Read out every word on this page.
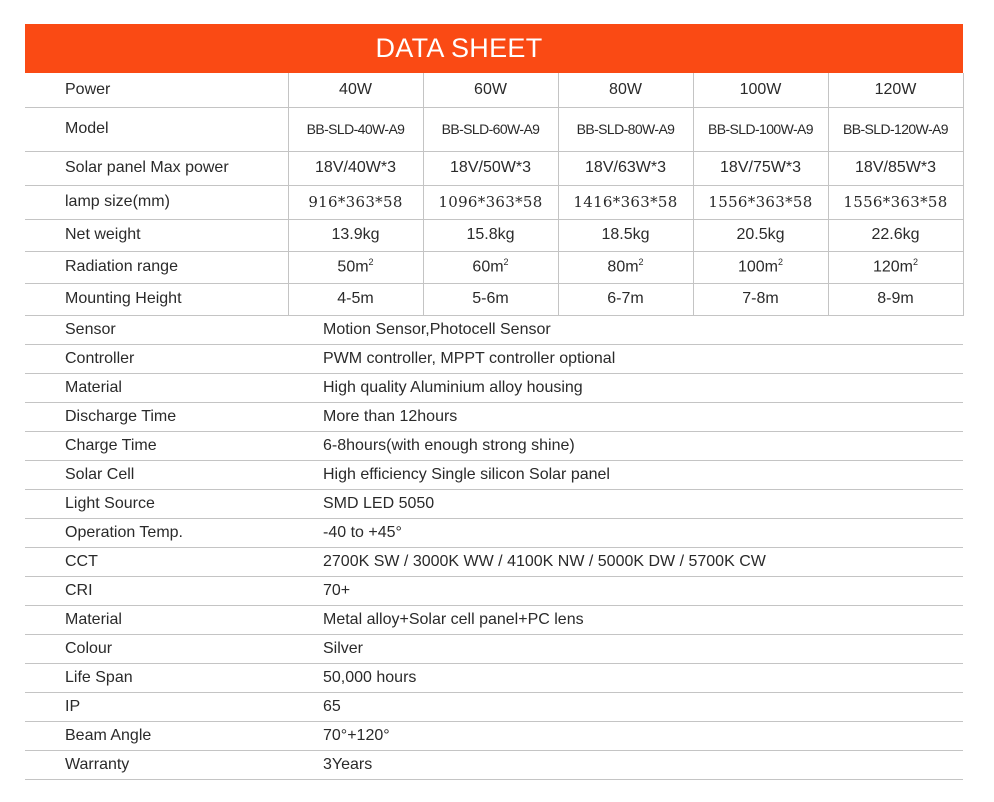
DATA SHEET
Power	40W	60W	80W	100W	120W
Model	BB-SLD-40W-A9	BB-SLD-60W-A9	BB-SLD-80W-A9	BB-SLD-100W-A9	BB-SLD-120W-A9
Solar panel Max power	18V/40W*3	18V/50W*3	18V/63W*3	18V/75W*3	18V/85W*3
lamp size(mm)	916*363*58	1096*363*58	1416*363*58	1556*363*58	1556*363*58
Net weight	13.9kg	15.8kg	18.5kg	20.5kg	22.6kg
Radiation range	$50m^2$	$60m^2$	$80m^2$	$100m^2$	$120m^2$
Mounting Height	4-5m	5-6m	6-7m	7-8m	8-9m
Sensor	Motion Sensor,Photocell Sensor
Controller	PWM controller, MPPT controller optional
Material	High quality Aluminium alloy housing
Discharge Time	More than 12hours
Charge Time	6-8hours(with enough strong shine)
Solar Cell	High efficiency Single silicon Solar panel
Light Source	SMD LED 5050
Operation Temp.	-40 to +45°
CCT	2700K SW / 3000K WW / 4100K NW / 5000K DW / 5700K CW
CRI	70+
Material	Metal alloy+Solar cell panel+PC lens
Colour	Silver
Life Span	50,000 hours
IP	65
Beam Angle	70°+120°
Warranty	3Years
